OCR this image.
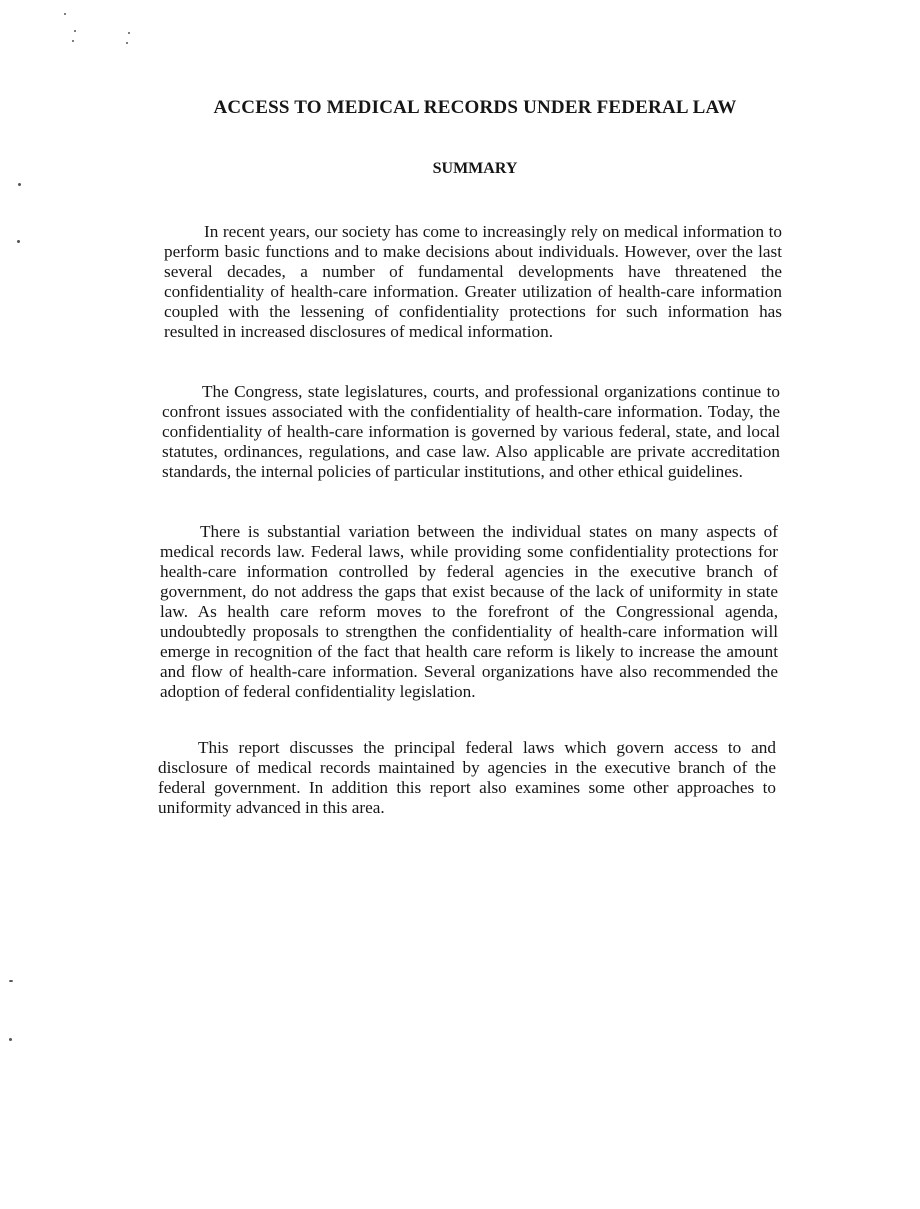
ACCESS TO MEDICAL RECORDS UNDER FEDERAL LAW
SUMMARY

In recent years, our society has come to increasingly rely on medical information to perform basic functions and to make decisions about individuals. However, over the last several decades, a number of fundamental developments have threatened the confidentiality of health-care information. Greater utilization of health-care information coupled with the lessening of confidentiality protections for such information has resulted in increased disclosures of medical information.

The Congress, state legislatures, courts, and professional organizations continue to confront issues associated with the confidentiality of health-care information. Today, the confidentiality of health-care information is governed by various federal, state, and local statutes, ordinances, regulations, and case law. Also applicable are private accreditation standards, the internal policies of particular institutions, and other ethical guidelines.

There is substantial variation between the individual states on many aspects of medical records law. Federal laws, while providing some confidentiality protections for health-care information controlled by federal agencies in the executive branch of government, do not address the gaps that exist because of the lack of uniformity in state law. As health care reform moves to the forefront of the Congressional agenda, undoubtedly proposals to strengthen the confidentiality of health-care information will emerge in recognition of the fact that health care reform is likely to increase the amount and flow of health-care information. Several organizations have also recommended the adoption of federal confidentiality legislation.

This report discusses the principal federal laws which govern access to and disclosure of medical records maintained by agencies in the executive branch of the federal government. In addition this report also examines some other approaches to uniformity advanced in this area.
